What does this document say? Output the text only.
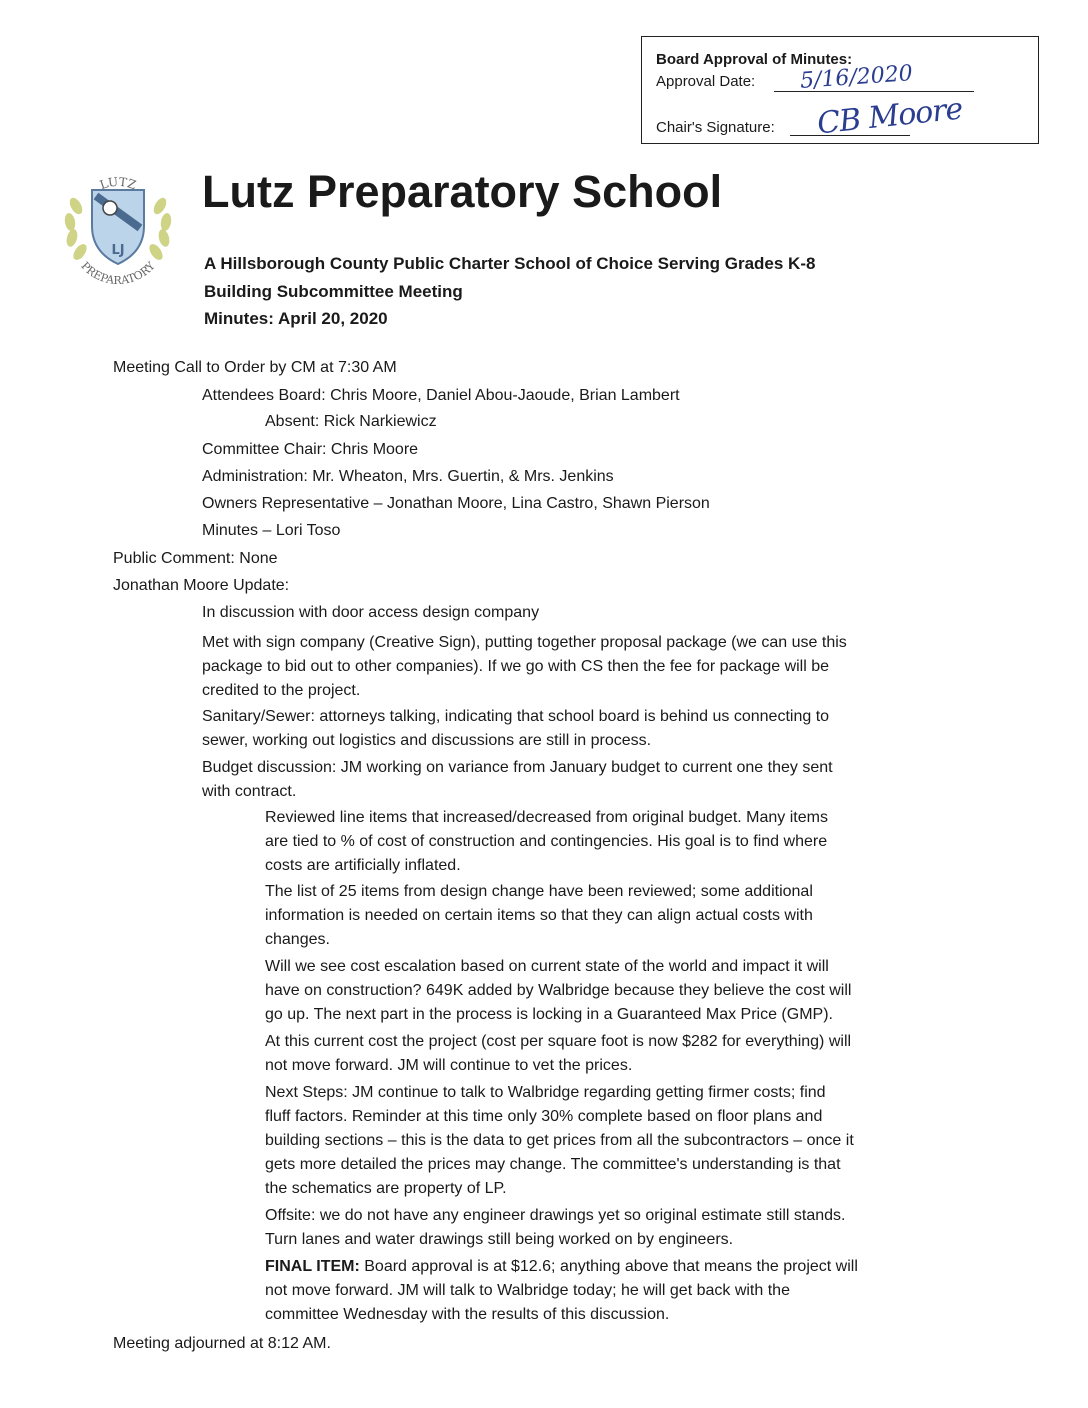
Board Approval of Minutes:
Approval Date: 5/16/2020
Chair's Signature: CB Moore
LJ
LUTZ
PREPARATORY
Lutz Preparatory School
A Hillsborough County Public Charter School of Choice Serving Grades K-8
Building Subcommittee Meeting
Minutes: April 20, 2020
Meeting Call to Order by CM at 7:30 AM
Attendees Board: Chris Moore, Daniel Abou-Jaoude, Brian Lambert
Absent: Rick Narkiewicz
Committee Chair: Chris Moore
Administration: Mr. Wheaton, Mrs. Guertin, & Mrs. Jenkins
Owners Representative – Jonathan Moore, Lina Castro, Shawn Pierson
Minutes – Lori Toso
Public Comment: None
Jonathan Moore Update:
In discussion with door access design company
Met with sign company (Creative Sign), putting together proposal package (we can use this
package to bid out to other companies). If we go with CS then the fee for package will be
credited to the project.
Sanitary/Sewer: attorneys talking, indicating that school board is behind us connecting to
sewer, working out logistics and discussions are still in process.
Budget discussion: JM working on variance from January budget to current one they sent
with contract.
Reviewed line items that increased/decreased from original budget. Many items
are tied to % of cost of construction and contingencies. His goal is to find where
costs are artificially inflated.
The list of 25 items from design change have been reviewed; some additional
information is needed on certain items so that they can align actual costs with
changes.
Will we see cost escalation based on current state of the world and impact it will
have on construction? 649K added by Walbridge because they believe the cost will
go up. The next part in the process is locking in a Guaranteed Max Price (GMP).
At this current cost the project (cost per square foot is now $282 for everything) will
not move forward. JM will continue to vet the prices.
Next Steps: JM continue to talk to Walbridge regarding getting firmer costs; find
fluff factors. Reminder at this time only 30% complete based on floor plans and
building sections – this is the data to get prices from all the subcontractors – once it
gets more detailed the prices may change. The committee's understanding is that
the schematics are property of LP.
Offsite: we do not have any engineer drawings yet so original estimate still stands.
Turn lanes and water drawings still being worked on by engineers.
FINAL ITEM: Board approval is at $12.6; anything above that means the project will
not move forward. JM will talk to Walbridge today; he will get back with the
committee Wednesday with the results of this discussion.
Meeting adjourned at 8:12 AM.
